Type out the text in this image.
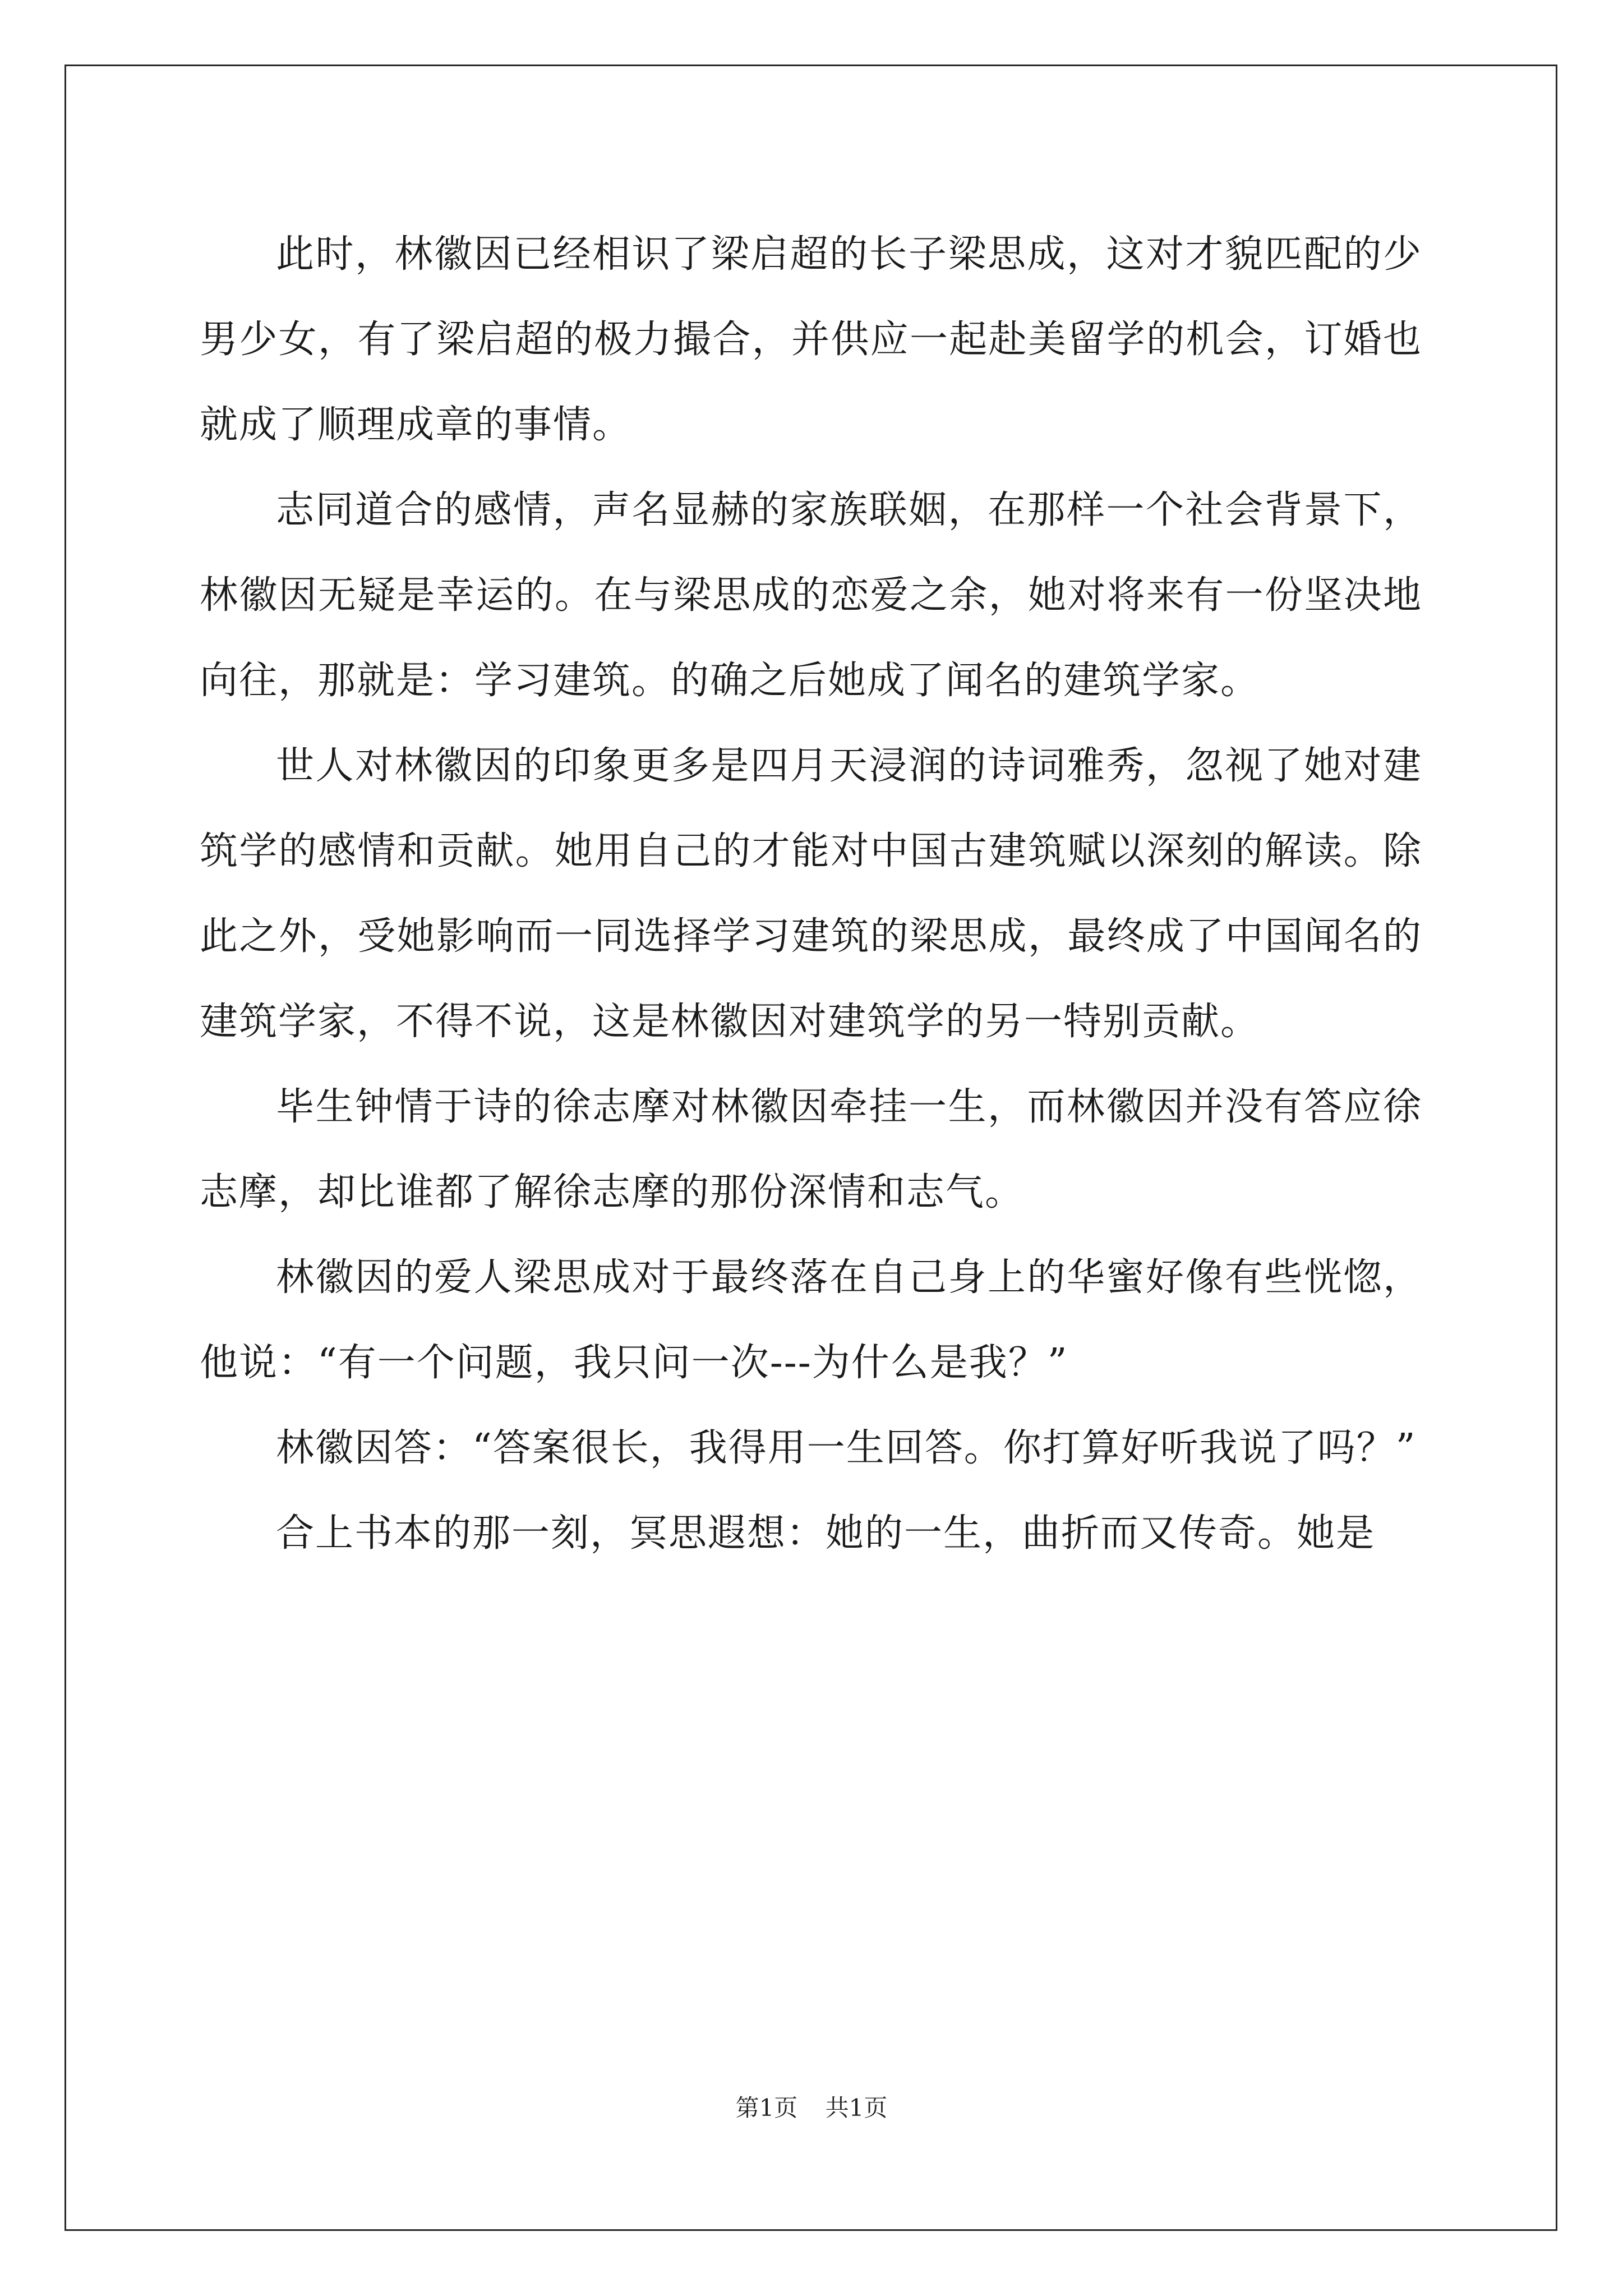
此时，林徽因已经相识了梁启超的长子梁思成，这对才貌匹配的少男少女，有了梁启超的极力撮合，并供应一起赴美留学的机会，订婚也就成了顺理成章的事情。

志同道合的感情，声名显赫的家族联姻，在那样一个社会背景下，林徽因无疑是幸运的。在与梁思成的恋爱之余，她对将来有一份坚决地向往，那就是：学习建筑。的确之后她成了闻名的建筑学家。

世人对林徽因的印象更多是四月天浸润的诗词雅秀，忽视了她对建筑学的感情和贡献。她用自己的才能对中国古建筑赋以深刻的解读。除此之外，受她影响而一同选择学习建筑的梁思成，最终成了中国闻名的建筑学家，不得不说，这是林徽因对建筑学的另一特别贡献。

毕生钟情于诗的徐志摩对林徽因牵挂一生，而林徽因并没有答应徐志摩，却比谁都了解徐志摩的那份深情和志气。

林徽因的爱人梁思成对于最终落在自己身上的华蜜好像有些恍惚，他说：“有一个问题，我只问一次---为什么是我？”

林徽因答：“答案很长，我得用一生回答。你打算好听我说了吗？”

合上书本的那一刻，冥思遐想：她的一生，曲折而又传奇。她是

第1页 共1页
